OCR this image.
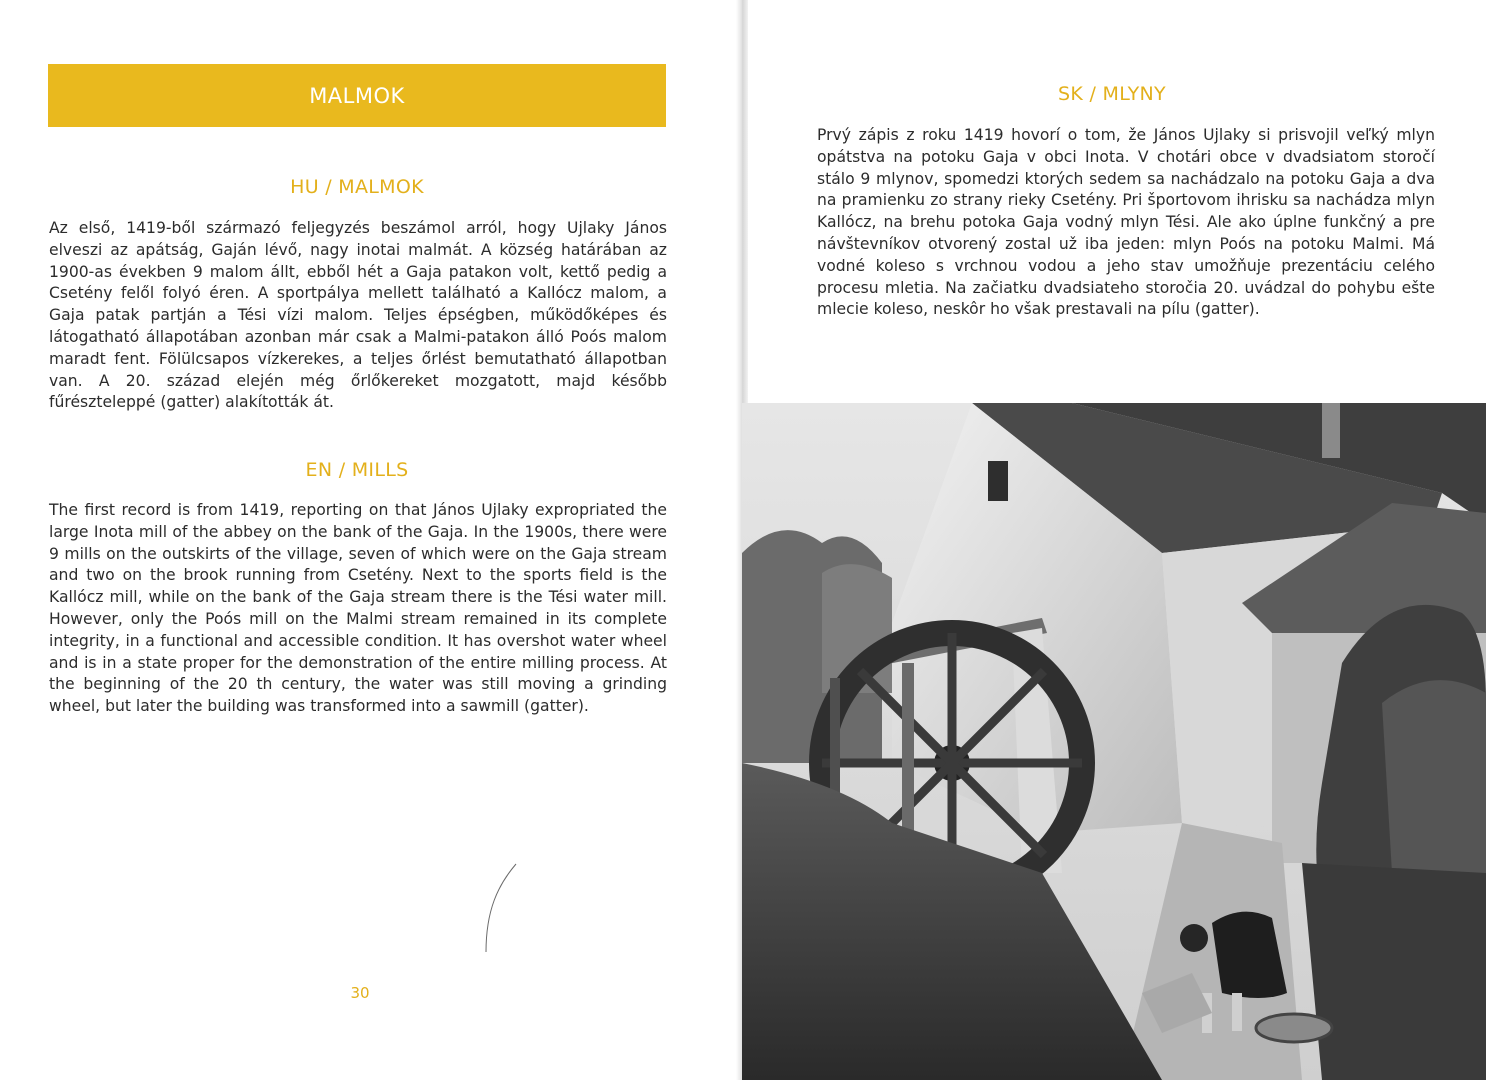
MALMOK
HU / MALMOK

Az első, 1419-ből származó feljegyzés beszámol arról, hogy Ujlaky János elveszi az apátság, Gaján lévő, nagy inotai malmát. A község határában az 1900-as években 9 malom állt, ebből hét a Gaja patakon volt, kettő pedig a Csetény felől folyó éren. A sportpálya mellett található a Kallócz malom, a Gaja patak partján a Tési vízi malom. Teljes épségben, működőképes és látogatható állapotában azonban már csak a Malmi-patakon álló Poós malom maradt fent. Fölülcsapos vízkerekes, a teljes őrlést bemutatható állapotban van. A 20. század elején még őrlőkereket mozgatott, majd később fűrészteleppé (gatter) alakították át.

EN / MILLS

The first record is from 1419, reporting on that János Ujlaky expropriated the large Inota mill of the abbey on the bank of the Gaja. In the 1900s, there were 9 mills on the outskirts of the village, seven of which were on the Gaja stream and two on the brook running from Csetény. Next to the sports field is the Kallócz mill, while on the bank of the Gaja stream there is the Tési water mill. However, only the Poós mill on the Malmi stream remained in its complete integrity, in a functional and accessible condition. It has overshot water wheel and is in a state proper for the demonstration of the entire milling process. At the beginning of the 20 th century, the water was still moving a grinding wheel, but later the building was transformed into a sawmill (gatter).

30
SK / MLYNY

Prvý zápis z roku 1419 hovorí o tom, že János Ujlaky si prisvojil veľký mlyn opátstva na potoku Gaja v obci Inota. V chotári obce v dvadsiatom storočí stálo 9 mlynov, spomedzi ktorých sedem sa nachádzalo na potoku Gaja a dva na pramienku zo strany rieky Csetény. Pri športovom ihrisku sa nachádza mlyn Kallócz, na brehu potoka Gaja vodný mlyn Tési. Ale ako úplne funkčný a pre návštevníkov otvorený zostal už iba jeden: mlyn Poós na potoku Malmi. Má vodné koleso s vrchnou vodou a jeho stav umožňuje prezentáciu celého procesu mletia. Na začiatku dvadsiateho storočia 20. uvádzal do pohybu ešte mlecie koleso, neskôr ho však prestavali na pílu (gatter).
